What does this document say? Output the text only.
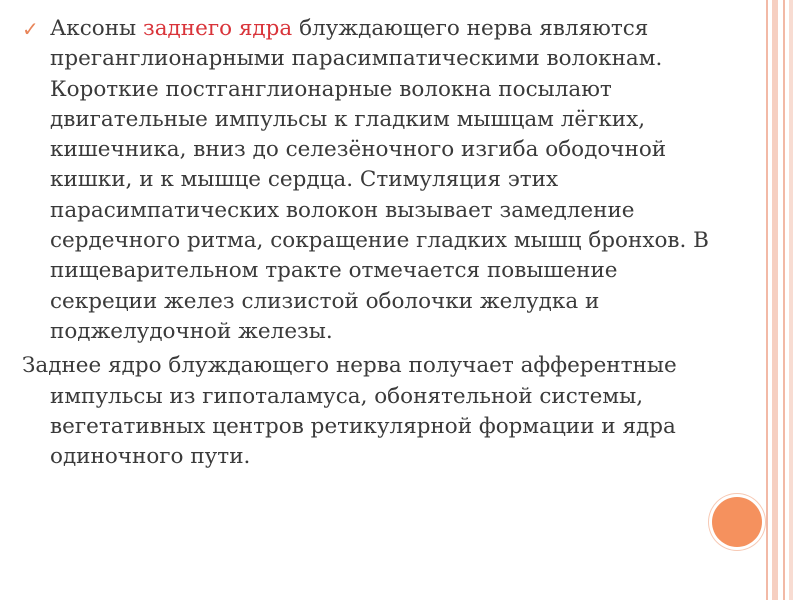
✓ Аксоны заднего ядра блуждающего нерва являются преганглионарными парасимпатическими волокнам. Короткие постганглионарные волокна посылают двигательные импульсы к гладким мышцам лёгких, кишечника, вниз до селезёночного изгиба ободочной кишки, и к мышце сердца. Стимуляция этих парасимпатических волокон вызывает замедление сердечного ритма, сокращение гладких мышц бронхов. В пищеварительном тракте отмечается повышение секреции желез слизистой оболочки желудка и поджелудочной железы.

Заднее ядро блуждающего нерва получает афферентные импульсы из гипоталамуса, обонятельной системы, вегетативных центров ретикулярной формации и ядра одиночного пути.
